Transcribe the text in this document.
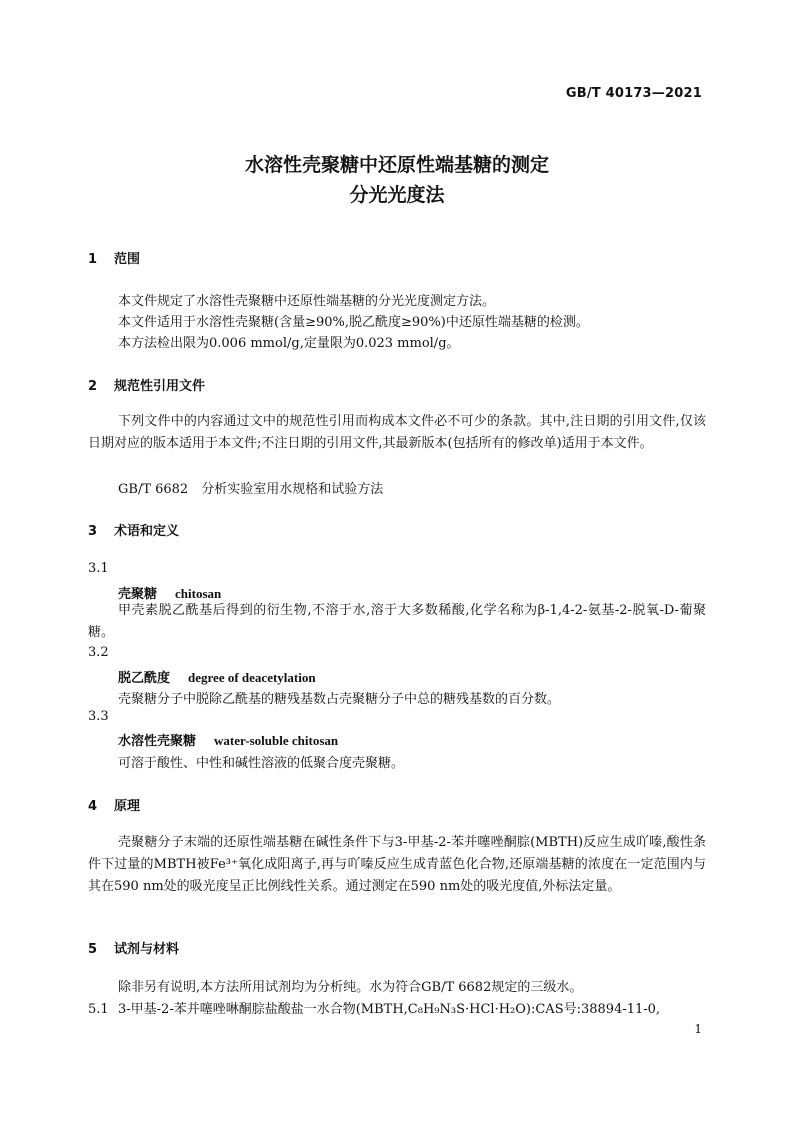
GB/T 40173—2021
水溶性壳聚糖中还原性端基糖的测定
分光光度法
1 范围
本文件规定了水溶性壳聚糖中还原性端基糖的分光光度测定方法。
本文件适用于水溶性壳聚糖(含量≥90%,脱乙酰度≥90%)中还原性端基糖的检测。
本方法检出限为0.006 mmol/g,定量限为0.023 mmol/g。
2 规范性引用文件
下列文件中的内容通过文中的规范性引用而构成本文件必不可少的条款。其中,注日期的引用文件,仅该日期对应的版本适用于本文件;不注日期的引用文件,其最新版本(包括所有的修改单)适用于本文件。
GB/T 6682　分析实验室用水规格和试验方法
3 术语和定义
3.1
壳聚糖 chitosan
甲壳素脱乙酰基后得到的衍生物,不溶于水,溶于大多数稀酸,化学名称为β-1,4-2-氨基-2-脱氧-D-葡聚糖。
3.2
脱乙酰度 degree of deacetylation
壳聚糖分子中脱除乙酰基的糖残基数占壳聚糖分子中总的糖残基数的百分数。
3.3
水溶性壳聚糖 water-soluble chitosan
可溶于酸性、中性和碱性溶液的低聚合度壳聚糖。
4 原理
壳聚糖分子末端的还原性端基糖在碱性条件下与3-甲基-2-苯并噻唑酮腙(MBTH)反应生成吖嗪,酸性条件下过量的MBTH被Fe³⁺氧化成阳离子,再与吖嗪反应生成青蓝色化合物,还原端基糖的浓度在一定范围内与其在590 nm处的吸光度呈正比例线性关系。通过测定在590 nm处的吸光度值,外标法定量。
5 试剂与材料
除非另有说明,本方法所用试剂均为分析纯。水为符合GB/T 6682规定的三级水。
5.1 3-甲基-2-苯并噻唑啉酮腙盐酸盐一水合物(MBTH,C₈H₉N₃S·HCl·H₂O):CAS号:38894-11-0,
1
